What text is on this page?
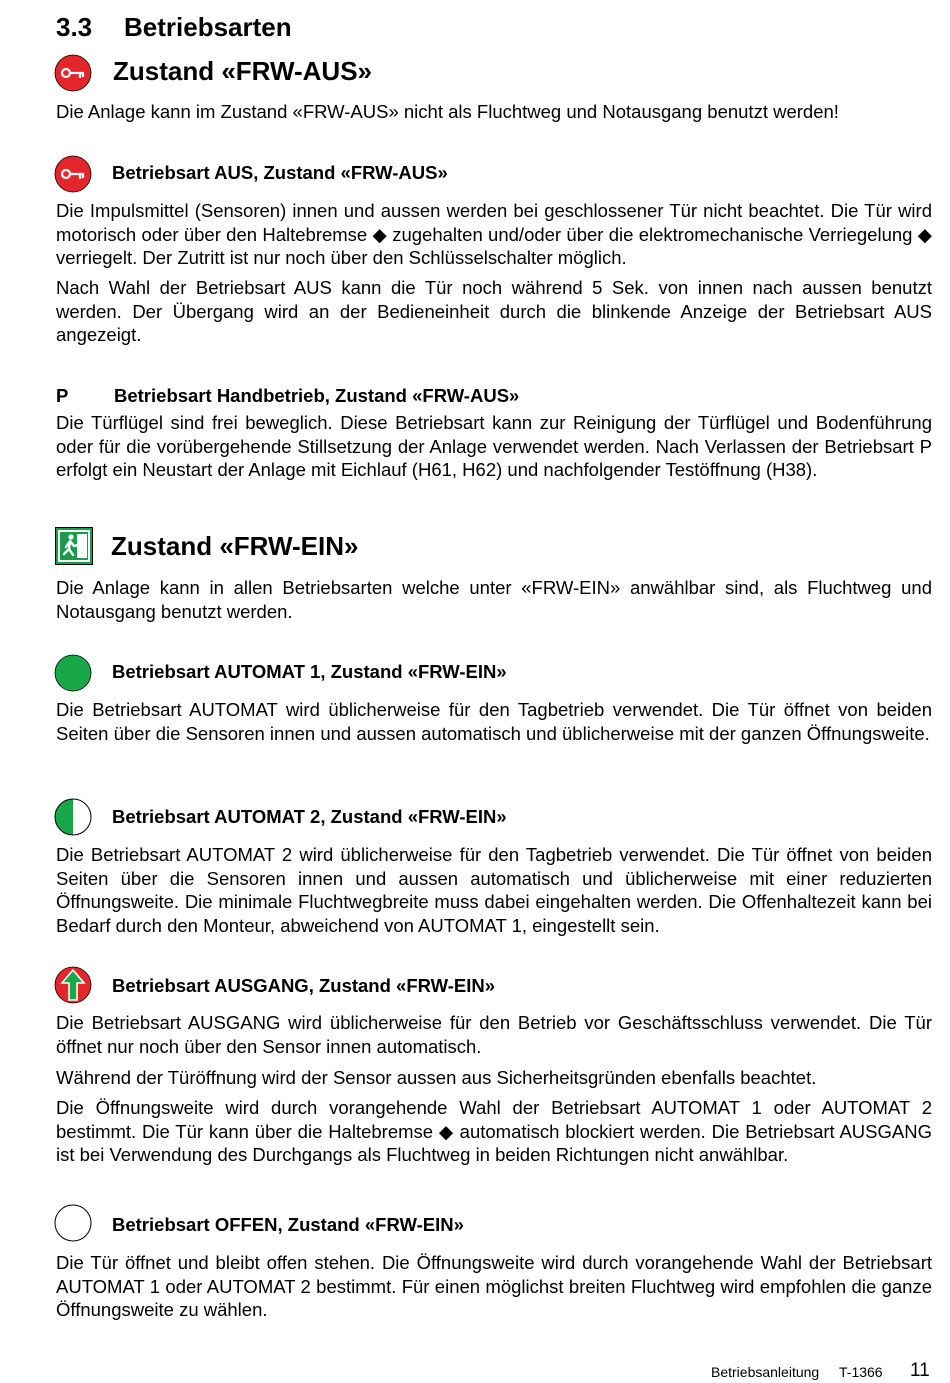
3.3 Betriebsarten
Zustand «FRW-AUS»
Die Anlage kann im Zustand «FRW-AUS» nicht als Fluchtweg und Notausgang benutzt werden!
Betriebsart AUS, Zustand «FRW-AUS»
Die Impulsmittel (Sensoren) innen und aussen werden bei geschlossener Tür nicht beachtet. Die Tür wird motorisch oder über den Haltebremse ◆ zugehalten und/oder über die elektromechanische Verriegelung ◆ verriegelt. Der Zutritt ist nur noch über den Schlüsselschalter möglich.
Nach Wahl der Betriebsart AUS kann die Tür noch während 5 Sek. von innen nach aussen benutzt werden. Der Übergang wird an der Bedieneinheit durch die blinkende Anzeige der Betriebsart AUS angezeigt.
P Betriebsart Handbetrieb, Zustand «FRW-AUS»
Die Türflügel sind frei beweglich. Diese Betriebsart kann zur Reinigung der Türflügel und Bodenführung oder für die vorübergehende Stillsetzung der Anlage verwendet werden. Nach Verlassen der Betriebsart P erfolgt ein Neustart der Anlage mit Eichlauf (H61, H62) und nachfolgender Testöffnung (H38).
Zustand «FRW-EIN»
Die Anlage kann in allen Betriebsarten welche unter «FRW-EIN» anwählbar sind, als Fluchtweg und Notausgang benutzt werden.
Betriebsart AUTOMAT 1, Zustand «FRW-EIN»
Die Betriebsart AUTOMAT wird üblicherweise für den Tagbetrieb verwendet. Die Tür öffnet von beiden Seiten über die Sensoren innen und aussen automatisch und üblicherweise mit der ganzen Öffnungsweite.
Betriebsart AUTOMAT 2, Zustand «FRW-EIN»
Die Betriebsart AUTOMAT 2 wird üblicherweise für den Tagbetrieb verwendet. Die Tür öffnet von beiden Seiten über die Sensoren innen und aussen automatisch und üblicherweise mit einer reduzierten Öffnungsweite. Die minimale Fluchtwegbreite muss dabei eingehalten werden. Die Offenhaltezeit kann bei Bedarf durch den Monteur, abweichend von AUTOMAT 1, eingestellt sein.
Betriebsart AUSGANG, Zustand «FRW-EIN»
Die Betriebsart AUSGANG wird üblicherweise für den Betrieb vor Geschäftsschluss verwendet. Die Tür öffnet nur noch über den Sensor innen automatisch.
Während der Türöffnung wird der Sensor aussen aus Sicherheitsgründen ebenfalls beachtet.
Die Öffnungsweite wird durch vorangehende Wahl der Betriebsart AUTOMAT 1 oder AUTOMAT 2 bestimmt. Die Tür kann über die Haltebremse ◆ automatisch blockiert werden. Die Betriebsart AUSGANG ist bei Verwendung des Durchgangs als Fluchtweg in beiden Richtungen nicht anwählbar.
Betriebsart OFFEN, Zustand «FRW-EIN»
Die Tür öffnet und bleibt offen stehen. Die Öffnungsweite wird durch vorangehende Wahl der Betriebsart AUTOMAT 1 oder AUTOMAT 2 bestimmt. Für einen möglichst breiten Fluchtweg wird empfohlen die ganze Öffnungsweite zu wählen.
Betriebsanleitung T-1366 11
